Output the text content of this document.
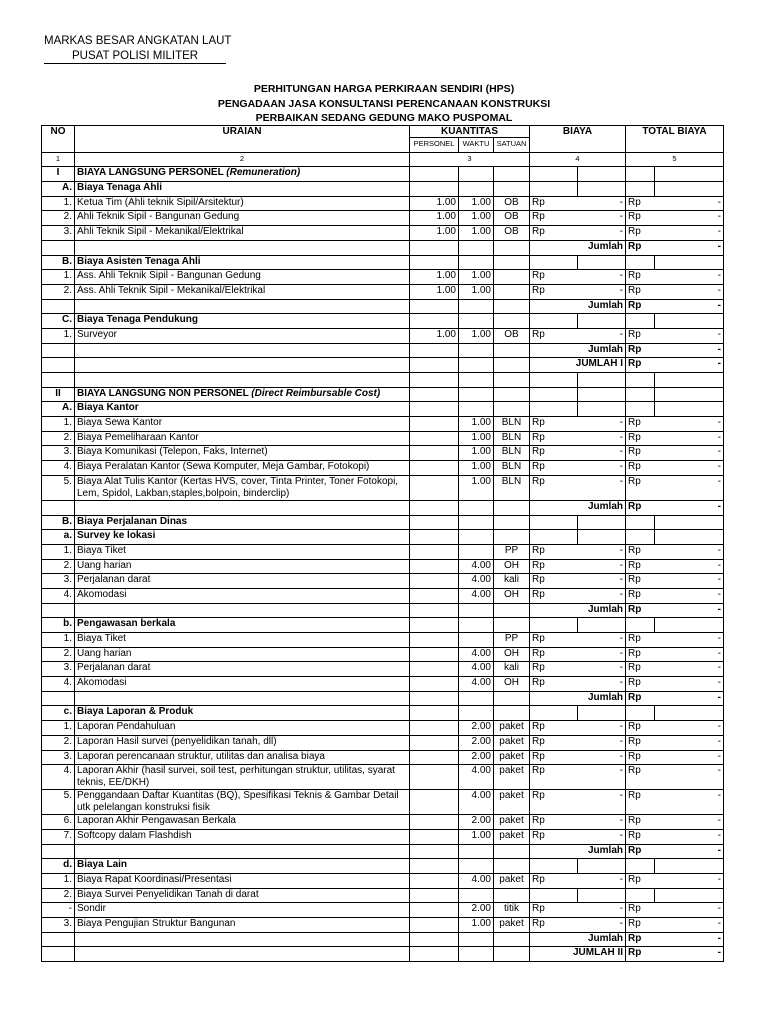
MARKAS BESAR ANGKATAN LAUT
PUSAT POLISI MILITER
PERHITUNGAN HARGA PERKIRAAN SENDIRI (HPS)
PENGADAAN JASA KONSULTANSI PERENCANAAN KONSTRUKSI
PERBAIKAN SEDANG GEDUNG MAKO PUSPOMAL
NO	URAIAN	KUANTITAS			BIAYA		TOTAL BIAYA	
		PERSONEL	WAKTU	SATUAN				
1	2	3			4		5	
I	BIAYA LANGSUNG PERSONEL (Remuneration)							
A.	Biaya Tenaga Ahli							
1.	Ketua Tim (Ahli teknik Sipil/Arsitektur)	1.00	1.00	OB	Rp	-	Rp	-
2.	Ahli Teknik Sipil - Bangunan Gedung	1.00	1.00	OB	Rp	-	Rp	-
3.	Ahli Teknik Sipil - Mekanikal/Elektrikal	1.00	1.00	OB	Rp	-	Rp	-
					Jumlah		Rp	-
B.	Biaya Asisten Tenaga Ahli							
1.	Ass. Ahli Teknik Sipil - Bangunan Gedung	1.00	1.00		Rp	-	Rp	-
2.	Ass. Ahli Teknik Sipil - Mekanikal/Elektrikal	1.00	1.00		Rp	-	Rp	-
					Jumlah		Rp	-
C.	Biaya Tenaga Pendukung							
1.	Surveyor	1.00	1.00	OB	Rp	-	Rp	-
					Jumlah		Rp	-
					JUMLAH I		Rp	-

II	BIAYA LANGSUNG NON PERSONEL (Direct Reimbursable Cost)							
A.	Biaya Kantor							
1.	Biaya Sewa Kantor		1.00	BLN	Rp	-	Rp	-
2.	Biaya Pemeliharaan Kantor		1.00	BLN	Rp	-	Rp	-
3.	Biaya Komunikasi (Telepon, Faks, Internet)		1.00	BLN	Rp	-	Rp	-
4.	Biaya Peralatan Kantor (Sewa Komputer, Meja Gambar, Fotokopi)		1.00	BLN	Rp	-	Rp	-
5.	Biaya Alat Tulis Kantor (Kertas HVS, cover, Tinta Printer, Toner Fotokopi, Lem, Spidol, Lakban,staples,bolpoin, binderclip)		1.00	BLN	Rp	-	Rp	-
					Jumlah		Rp	-
B.	Biaya Perjalanan Dinas							
a.	Survey ke lokasi							
1.	Biaya Tiket			PP	Rp	-	Rp	-
2.	Uang harian		4.00	OH	Rp	-	Rp	-
3.	Perjalanan darat		4.00	kali	Rp	-	Rp	-
4.	Akomodasi		4.00	OH	Rp	-	Rp	-
					Jumlah		Rp	-
b.	Pengawasan berkala							
1.	Biaya Tiket			PP	Rp	-	Rp	-
2.	Uang harian		4.00	OH	Rp	-	Rp	-
3.	Perjalanan darat		4.00	kali	Rp	-	Rp	-
4.	Akomodasi		4.00	OH	Rp	-	Rp	-
					Jumlah		Rp	-
c.	Biaya Laporan & Produk							
1.	Laporan Pendahuluan		2.00	paket	Rp	-	Rp	-
2.	Laporan Hasil survei (penyelidikan tanah, dll)		2.00	paket	Rp	-	Rp	-
3.	Laporan perencanaan struktur, utilitas dan analisa biaya		2.00	paket	Rp	-	Rp	-
4.	Laporan Akhir (hasil survei, soil test, perhitungan struktur, utilitas, syarat teknis, EE/DKH)		4.00	paket	Rp	-	Rp	-
5.	Penggandaan Daftar Kuantitas (BQ), Spesifikasi Teknis & Gambar Detail utk pelelangan konstruksi fisik		4.00	paket	Rp	-	Rp	-
6.	Laporan Akhir Pengawasan Berkala		2.00	paket	Rp	-	Rp	-
7.	Softcopy dalam Flashdish		1.00	paket	Rp	-	Rp	-
					Jumlah		Rp	-
d.	Biaya Lain							
1.	Biaya Rapat Koordinasi/Presentasi		4.00	paket	Rp	-	Rp	-
2.	Biaya Survei Penyelidikan Tanah di darat							
-	Sondir		2.00	titik	Rp	-	Rp	-
3.	Biaya Pengujian Struktur Bangunan		1.00	paket	Rp	-	Rp	-
					Jumlah		Rp	-
					JUMLAH II		Rp	-
